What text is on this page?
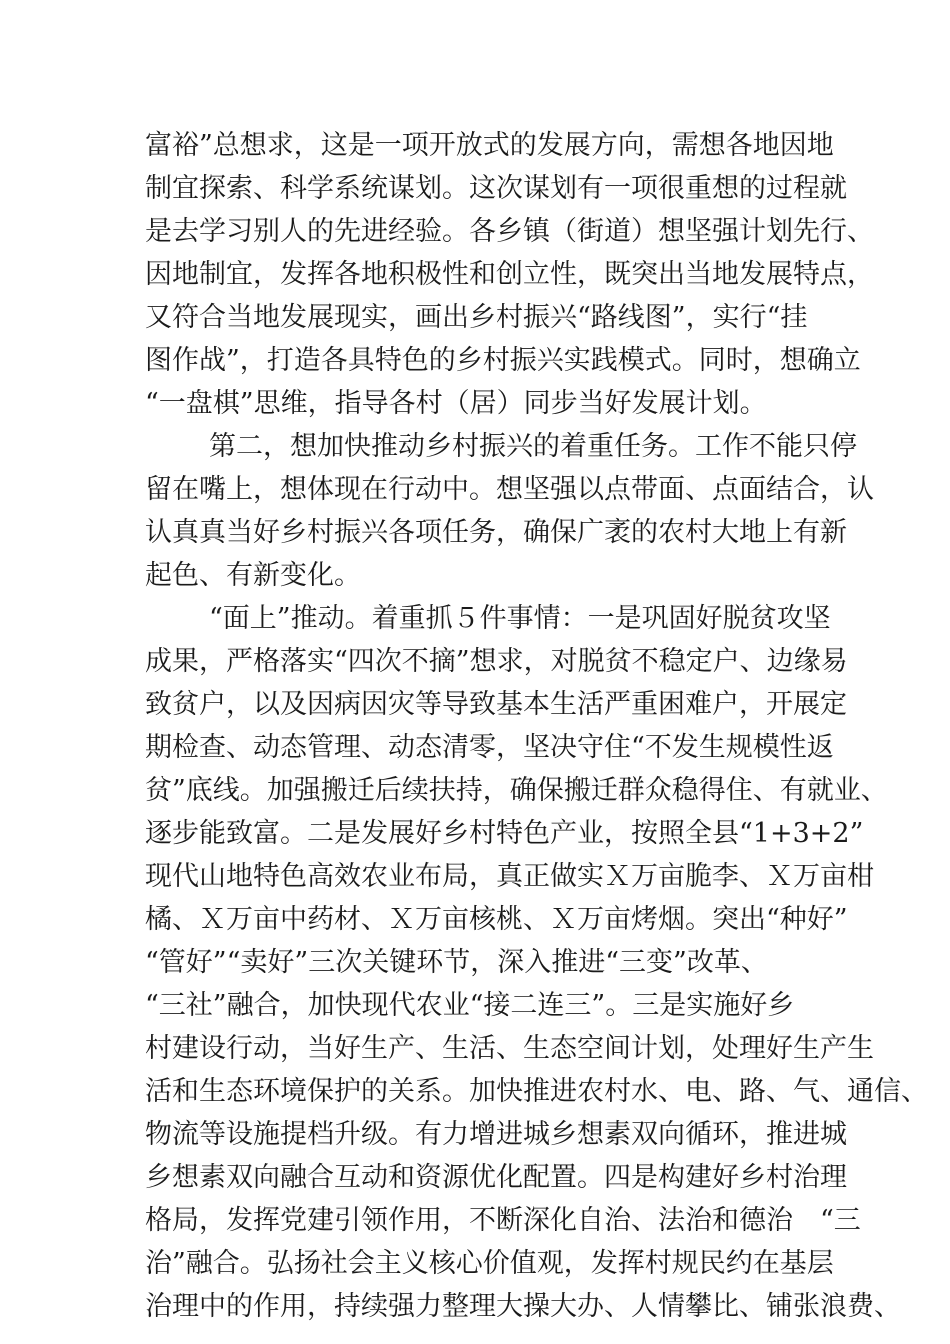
富裕”总想求，这是一项开放式的发展方向，需想各地因地
制宜探索、科学系统谋划。这次谋划有一项很重想的过程就
是去学习别人的先进经验。各乡镇（街道）想坚强计划先行、
因地制宜，发挥各地积极性和创立性，既突出当地发展特点，
又符合当地发展现实，画出乡村振兴“路线图”，实行“挂
图作战”，打造各具特色的乡村振兴实践模式。同时，想确立
“一盘棋”思维，指导各村（居）同步当好发展计划。
第二，想加快推动乡村振兴的着重任务。工作不能只停
留在嘴上，想体现在行动中。想坚强以点带面、点面结合，认
认真真当好乡村振兴各项任务，确保广袤的农村大地上有新
起色、有新变化。
“面上”推动。着重抓５件事情：一是巩固好脱贫攻坚
成果，严格落实“四次不摘”想求，对脱贫不稳定户、边缘易
致贫户，以及因病因灾等导致基本生活严重困难户，开展定
期检查、动态管理、动态清零，坚决守住“不发生规模性返
贫”底线。加强搬迁后续扶持，确保搬迁群众稳得住、有就业、
逐步能致富。二是发展好乡村特色产业，按照全县“1+3+2”
现代山地特色高效农业布局，真正做实Ｘ万亩脆李、Ｘ万亩柑
橘、Ｘ万亩中药材、Ｘ万亩核桃、Ｘ万亩烤烟。突出“种好”
“管好”“卖好”三次关键环节，深入推进“三变”改革、
“三社”融合，加快现代农业“接二连三”。三是实施好乡
村建设行动，当好生产、生活、生态空间计划，处理好生产生
活和生态环境保护的关系。加快推进农村水、电、路、气、通信、
物流等设施提档升级。有力增进城乡想素双向循环，推进城
乡想素双向融合互动和资源优化配置。四是构建好乡村治理
格局，发挥党建引领作用，不断深化自治、法治和德治　“三
治”融合。弘扬社会主义核心价值观，发挥村规民约在基层
治理中的作用，持续强力整理大操大办、人情攀比、铺张浪费、
